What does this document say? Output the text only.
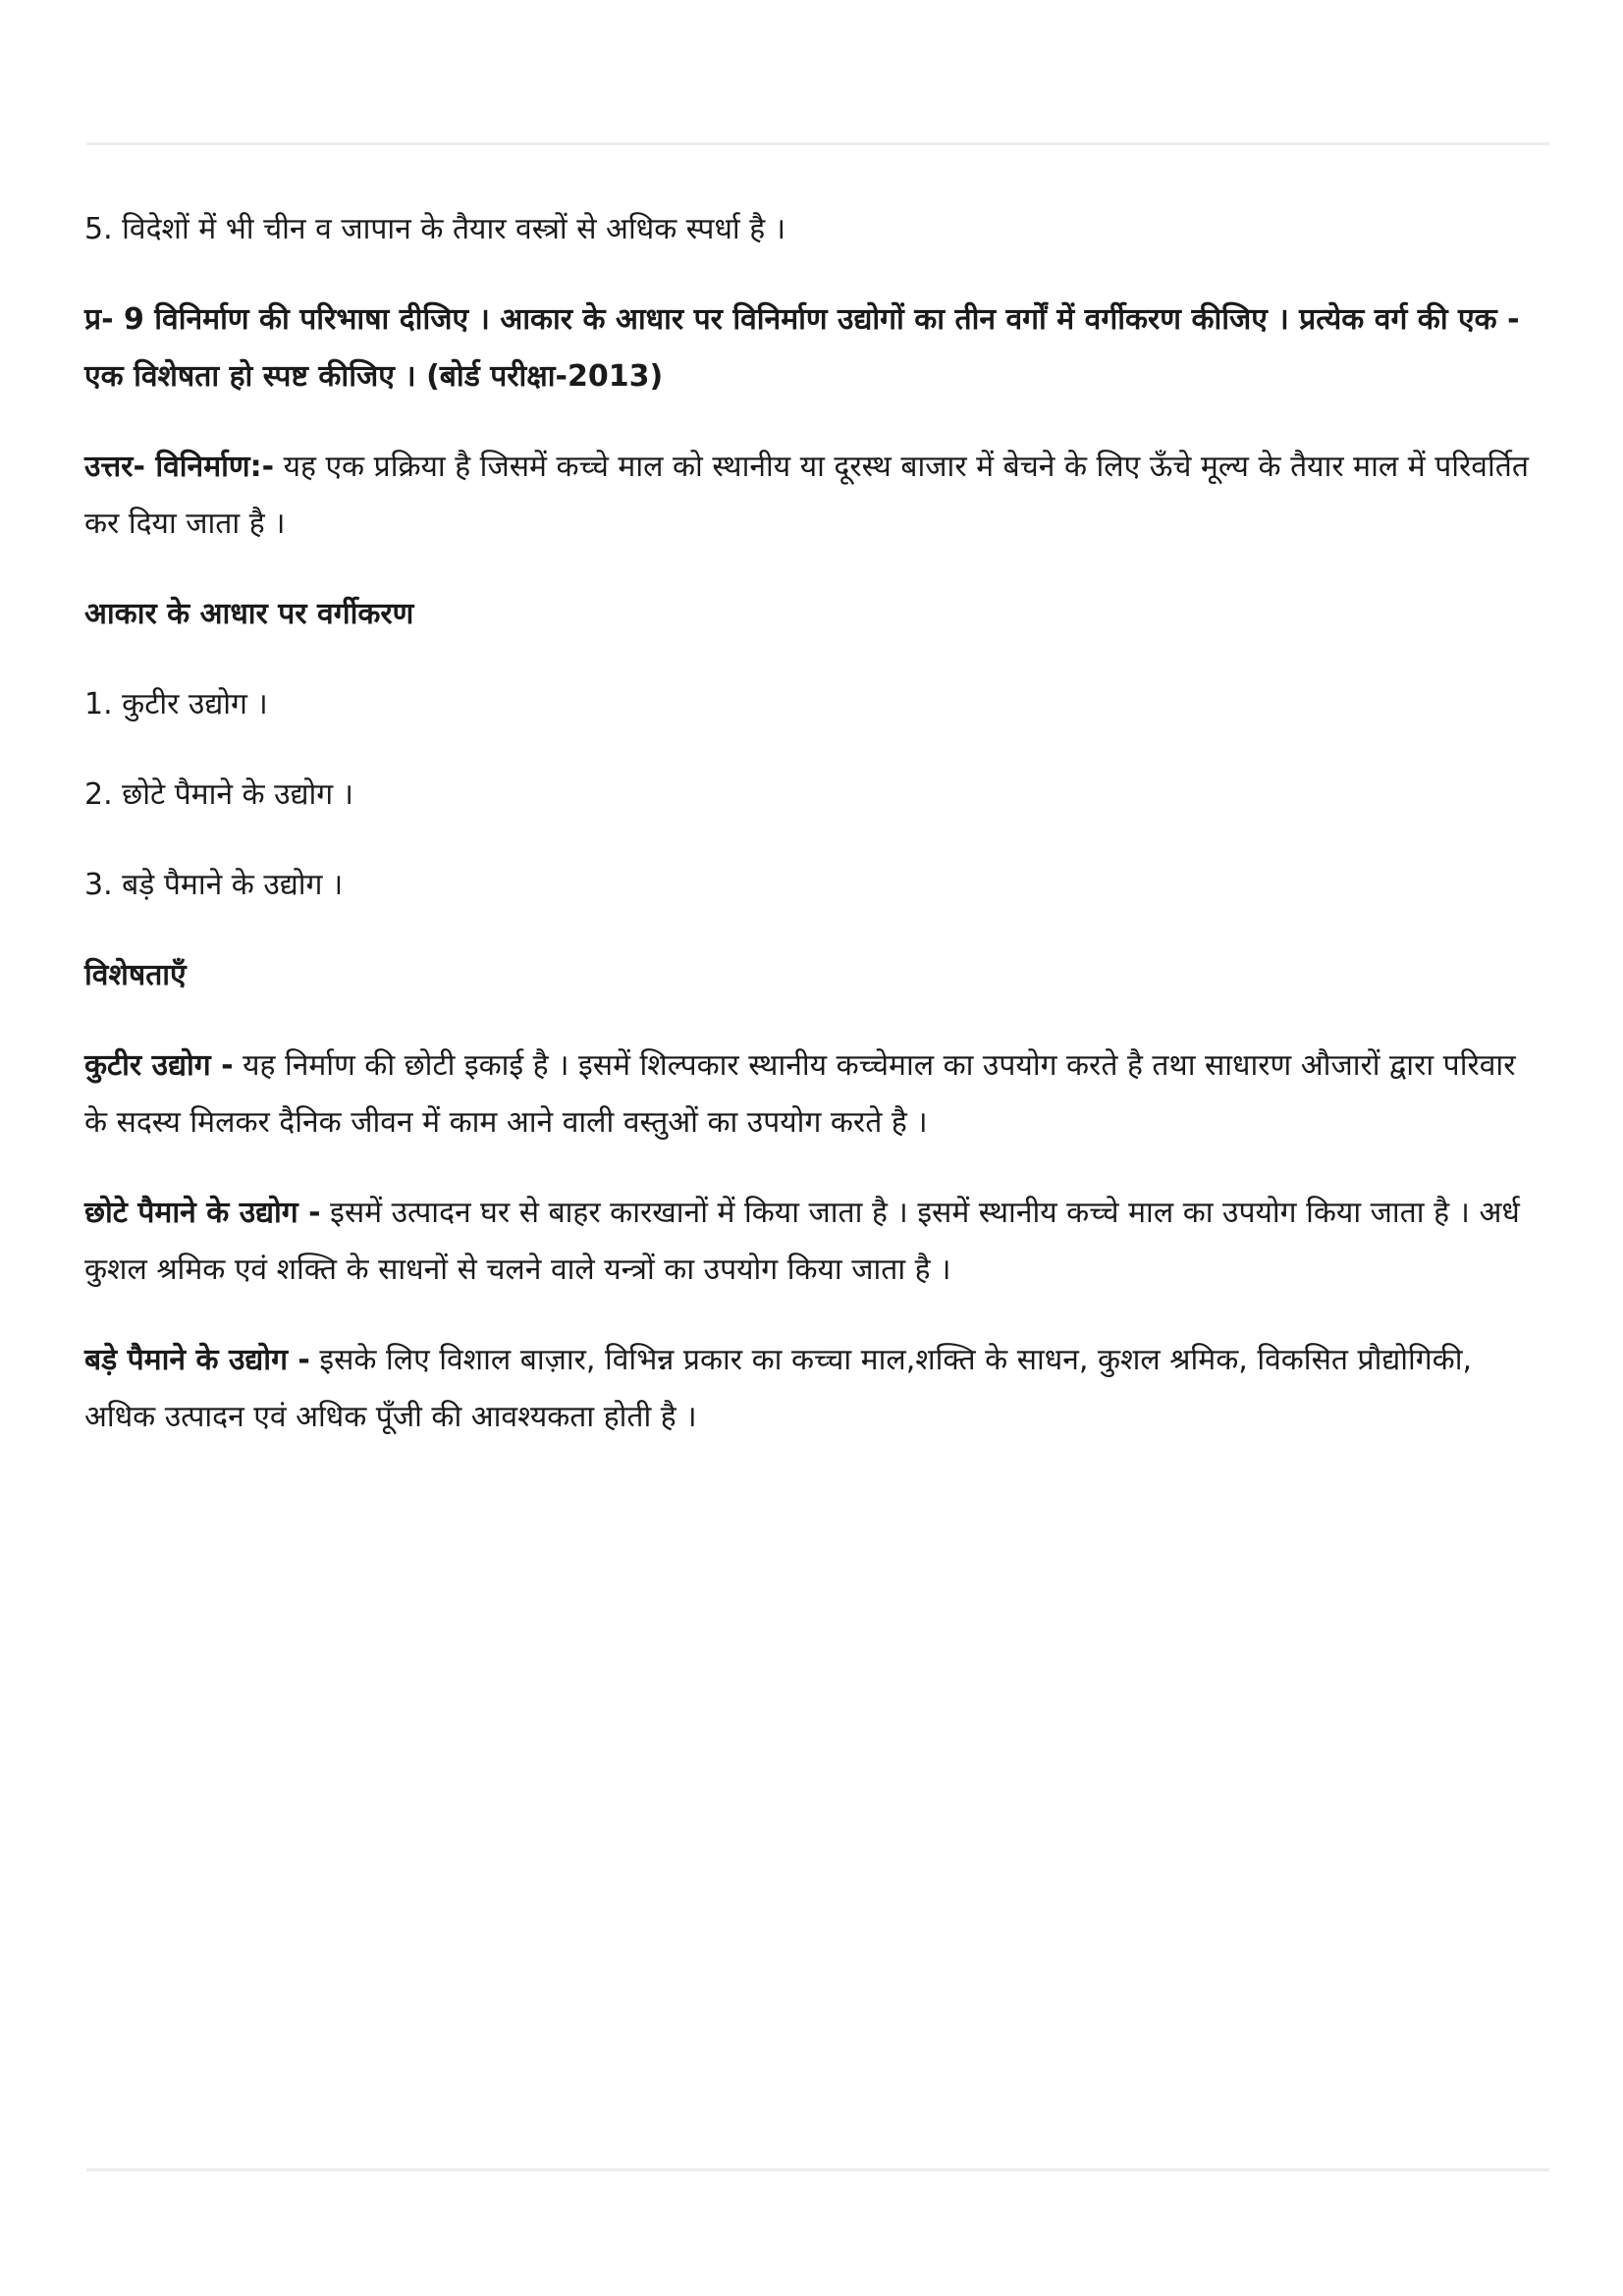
5. विदेशों में भी चीन व जापान के तैयार वस्त्रों से अधिक स्पर्धा है ।

प्र- 9 विनिर्माण की परिभाषा दीजिए । आकार के आधार पर विनिर्माण उद्योगों का तीन वर्गों में वर्गीकरण कीजिए । प्रत्येक वर्ग की एक - एक विशेषता हो स्पष्ट कीजिए । (बोर्ड परीक्षा-2013)

उत्तर- विनिर्माण:- यह एक प्रक्रिया है जिसमें कच्चे माल को स्थानीय या दूरस्थ बाजार में बेचने के लिए ऊँचे मूल्य के तैयार माल में परिवर्तित कर दिया जाता है ।

आकार के आधार पर वर्गीकरण

1. कुटीर उद्योग ।

2. छोटे पैमाने के उद्योग ।

3. बड़े पैमाने के उद्योग ।

विशेषताएँ

कुटीर उद्योग - यह निर्माण की छोटी इकाई है । इसमें शिल्पकार स्थानीय कच्चेमाल का उपयोग करते है तथा साधारण औजारों द्वारा परिवार के सदस्य मिलकर दैनिक जीवन में काम आने वाली वस्तुओं का उपयोग करते है ।

छोटे पैमाने के उद्योग - इसमें उत्पादन घर से बाहर कारखानों में किया जाता है । इसमें स्थानीय कच्चे माल का उपयोग किया जाता है । अर्ध कुशल श्रमिक एवं शक्ति के साधनों से चलने वाले यन्त्रों का उपयोग किया जाता है ।

बड़े पैमाने के उद्योग - इसके लिए विशाल बाज़ार, विभिन्न प्रकार का कच्चा माल,शक्ति के साधन, कुशल श्रमिक, विकसित प्रौद्योगिकी, अधिक उत्पादन एवं अधिक पूँजी की आवश्यकता होती है ।
